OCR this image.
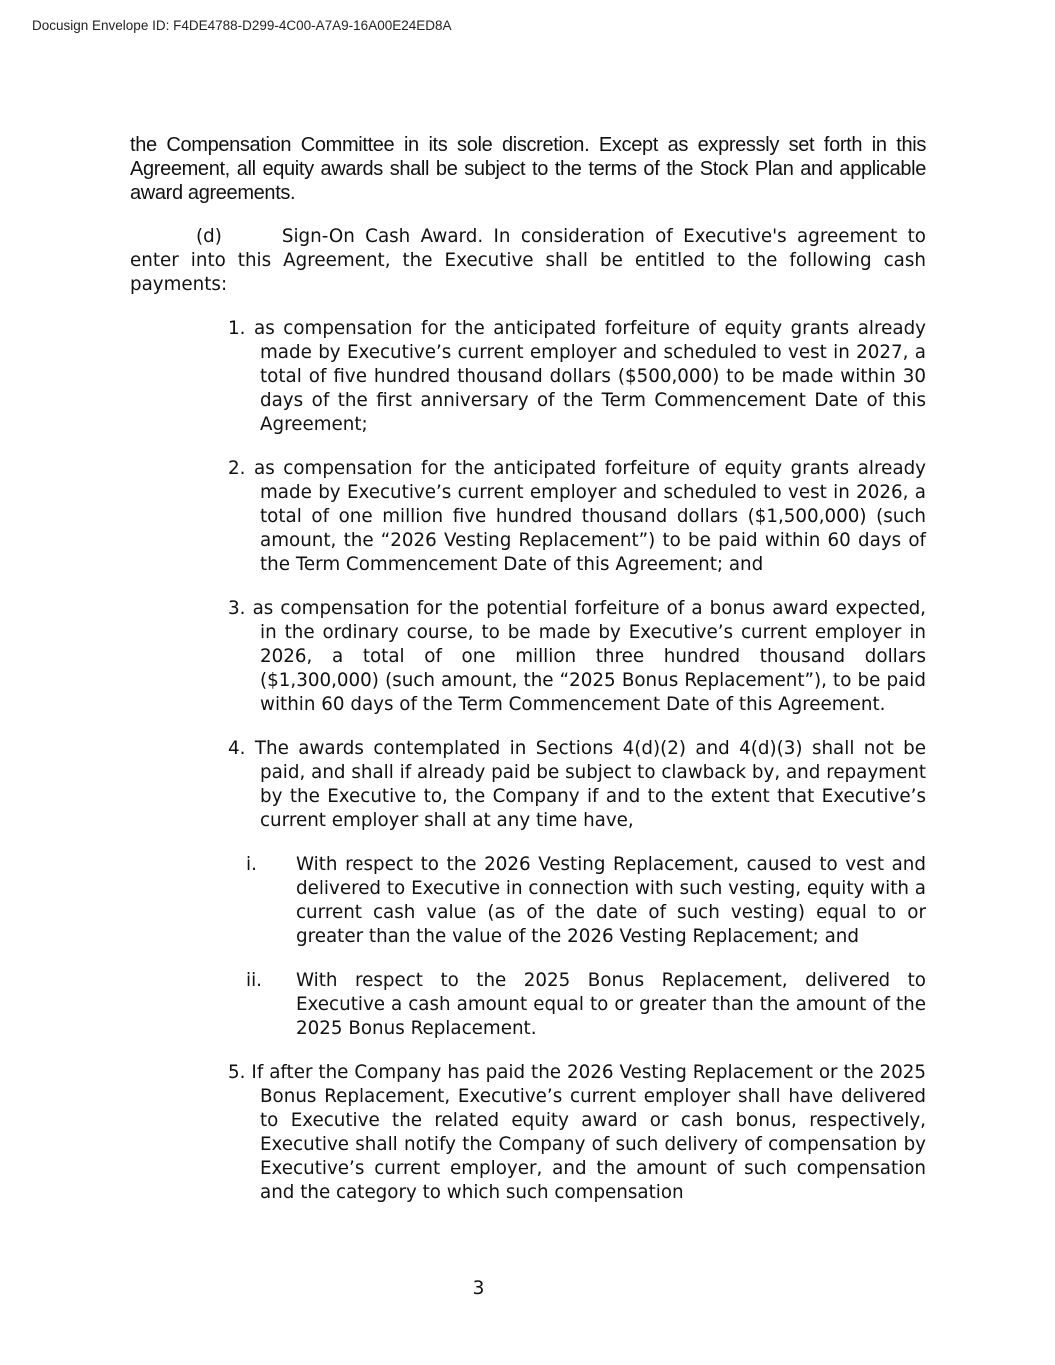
Docusign Envelope ID: F4DE4788-D299-4C00-A7A9-16A00E24ED8A

the Compensation Committee in its sole discretion. Except as expressly set forth in this Agreement, all equity awards shall be subject to the terms of the Stock Plan and applicable award agreements.

(d)	Sign-On Cash Award. In consideration of Executive's agreement to enter into this Agreement, the Executive shall be entitled to the following cash payments:

1. as compensation for the anticipated forfeiture of equity grants already made by Executive’s current employer and scheduled to vest in 2027, a total of five hundred thousand dollars ($500,000) to be made within 30 days of the first anniversary of the Term Commencement Date of this Agreement;
2. as compensation for the anticipated forfeiture of equity grants already made by Executive’s current employer and scheduled to vest in 2026, a total of one million five hundred thousand dollars ($1,500,000) (such amount, the “2026 Vesting Replacement”) to be paid within 60 days of the Term Commencement Date of this Agreement; and
3. as compensation for the potential forfeiture of a bonus award expected, in the ordinary course, to be made by Executive’s current employer in 2026, a total of one million three hundred thousand dollars ($1,300,000) (such amount, the “2025 Bonus Replacement”), to be paid within 60 days of the Term Commencement Date of this Agreement.
4. The awards contemplated in Sections 4(d)(2) and 4(d)(3) shall not be paid, and shall if already paid be subject to clawback by, and repayment by the Executive to, the Company if and to the extent that Executive’s current employer shall at any time have,
i. With respect to the 2026 Vesting Replacement, caused to vest and delivered to Executive in connection with such vesting, equity with a current cash value (as of the date of such vesting) equal to or greater than the value of the 2026 Vesting Replacement; and
ii. With respect to the 2025 Bonus Replacement, delivered to Executive a cash amount equal to or greater than the amount of the 2025 Bonus Replacement.
5. If after the Company has paid the 2026 Vesting Replacement or the 2025 Bonus Replacement, Executive’s current employer shall have delivered to Executive the related equity award or cash bonus, respectively, Executive shall notify the Company of such delivery of compensation by Executive’s current employer, and the amount of such compensation and the category to which such compensation
3
